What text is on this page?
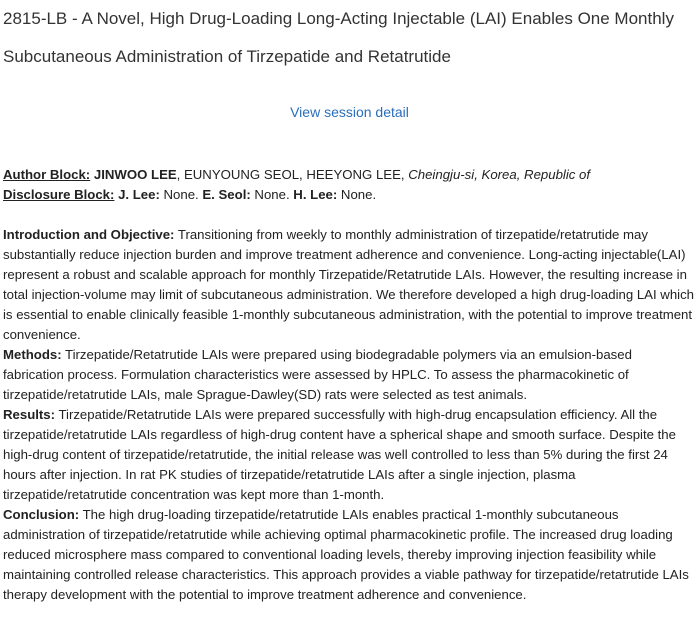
2815-LB - A Novel, High Drug-Loading Long-Acting Injectable (LAI) Enables One Monthly Subcutaneous Administration of Tirzepatide and Retatrutide
View session detail

Author Block: JINWOO LEE, EUNYOUNG SEOL, HEEYONG LEE, Cheingju-si, Korea, Republic of

Disclosure Block: J. Lee: None. E. Seol: None. H. Lee: None.

Introduction and Objective: Transitioning from weekly to monthly administration of tirzepatide/retatrutide may substantially reduce injection burden and improve treatment adherence and convenience. Long-acting injectable(LAI) represent a robust and scalable approach for monthly Tirzepatide/Retatrutide LAIs. However, the resulting increase in total injection-volume may limit of subcutaneous administration. We therefore developed a high drug-loading LAI which is essential to enable clinically feasible 1-monthly subcutaneous administration, with the potential to improve treatment convenience.

Methods: Tirzepatide/Retatrutide LAIs were prepared using biodegradable polymers via an emulsion-based fabrication process. Formulation characteristics were assessed by HPLC. To assess the pharmacokinetic of tirzepatide/retatrutide LAIs, male Sprague-Dawley(SD) rats were selected as test animals.

Results: Tirzepatide/Retatrutide LAIs were prepared successfully with high-drug encapsulation efficiency. All the tirzepatide/retatrutide LAIs regardless of high-drug content have a spherical shape and smooth surface. Despite the high-drug content of tirzepatide/retatrutide, the initial release was well controlled to less than 5% during the first 24 hours after injection. In rat PK studies of tirzepatide/retatrutide LAIs after a single injection, plasma tirzepatide/retatrutide concentration was kept more than 1-month.

Conclusion: The high drug-loading tirzepatide/retatrutide LAIs enables practical 1-monthly subcutaneous administration of tirzepatide/retatrutide while achieving optimal pharmacokinetic profile. The increased drug loading reduced microsphere mass compared to conventional loading levels, thereby improving injection feasibility while maintaining controlled release characteristics. This approach provides a viable pathway for tirzepatide/retatrutide LAIs therapy development with the potential to improve treatment adherence and convenience.
